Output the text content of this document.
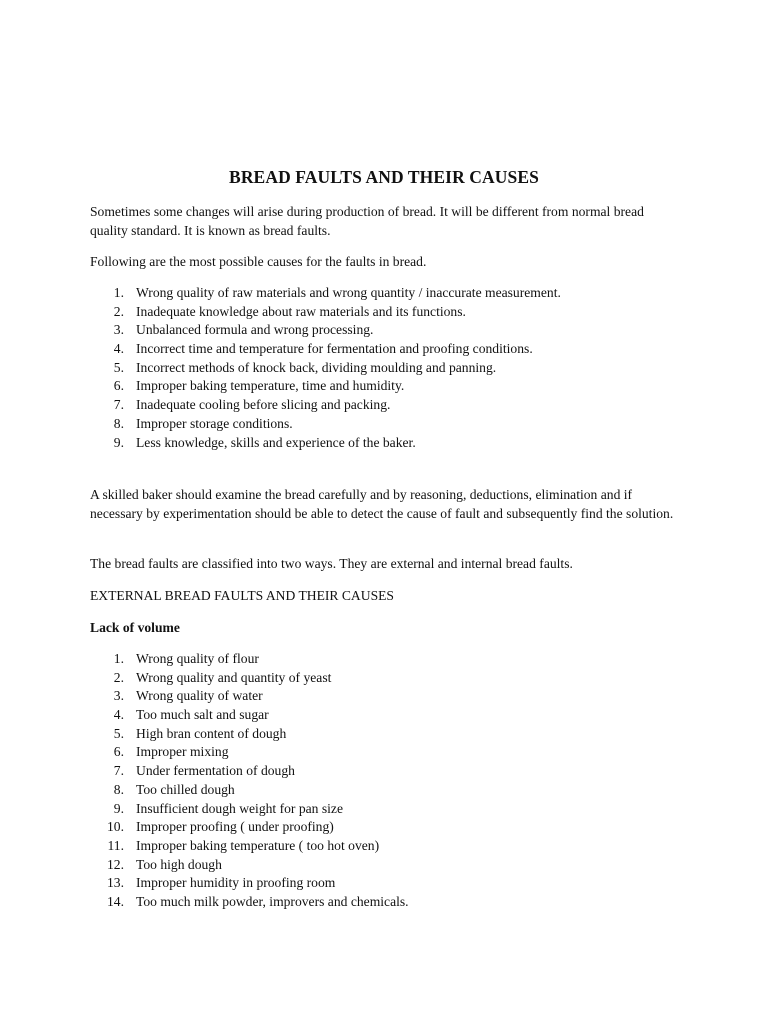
BREAD FAULTS AND THEIR CAUSES
Sometimes some changes will arise during production of bread. It will be different from normal bread quality standard. It is known as bread faults.
Following are the most possible causes for the faults in bread.
1. Wrong quality of raw materials and wrong quantity / inaccurate measurement.
2. Inadequate knowledge about raw materials and its functions.
3. Unbalanced formula and wrong processing.
4. Incorrect time and temperature for fermentation and proofing conditions.
5. Incorrect methods of knock back, dividing moulding and panning.
6. Improper baking temperature, time and humidity.
7. Inadequate cooling before slicing and packing.
8. Improper storage conditions.
9. Less knowledge, skills and experience of the baker.
A skilled baker should examine the bread carefully and by reasoning, deductions, elimination and if necessary by experimentation should be able to detect the cause of fault and subsequently find the solution.
The bread faults are classified into two ways. They are external and internal bread faults.
EXTERNAL BREAD FAULTS AND THEIR CAUSES
Lack of volume
1. Wrong quality of flour
2. Wrong quality and quantity of yeast
3. Wrong quality of water
4. Too much salt and sugar
5. High bran content of dough
6. Improper mixing
7. Under fermentation of dough
8. Too chilled dough
9. Insufficient dough weight for pan size
10. Improper proofing ( under proofing)
11. Improper baking temperature ( too hot oven)
12. Too high dough
13. Improper humidity in proofing room
14. Too much milk powder, improvers and chemicals.
